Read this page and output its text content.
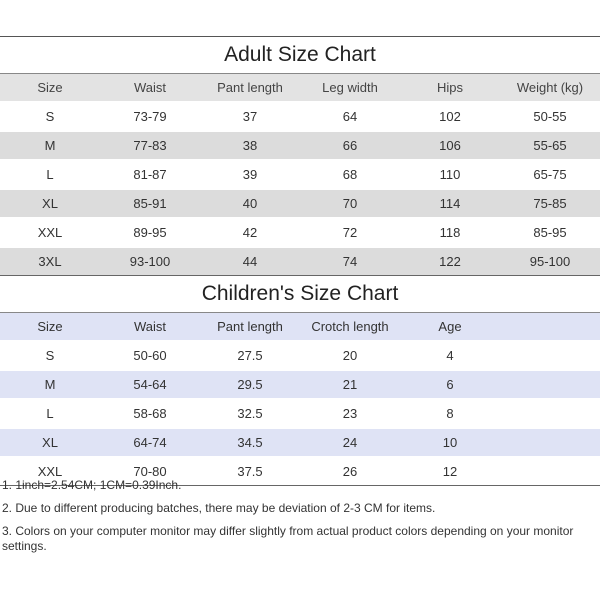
Adult Size Chart
Size	Waist	Pant length	Leg width	Hips	Weight (kg)
S	73-79	37	64	102	50-55
M	77-83	38	66	106	55-65
L	81-87	39	68	110	65-75
XL	85-91	40	70	114	75-85
XXL	89-95	42	72	118	85-95
3XL	93-100	44	74	122	95-100
Children's Size Chart
Size	Waist	Pant length	Crotch length	Age	
S	50-60	27.5	20	4	
M	54-64	29.5	21	6	
L	58-68	32.5	23	8	
XL	64-74	34.5	24	10	
XXL	70-80	37.5	26	12	

1. 1inch=2.54CM; 1CM=0.39Inch.

2. Due to different producing batches, there may be deviation of 2-3 CM for items.

3. Colors on your computer monitor may differ slightly from actual product colors depending on your monitor settings.
